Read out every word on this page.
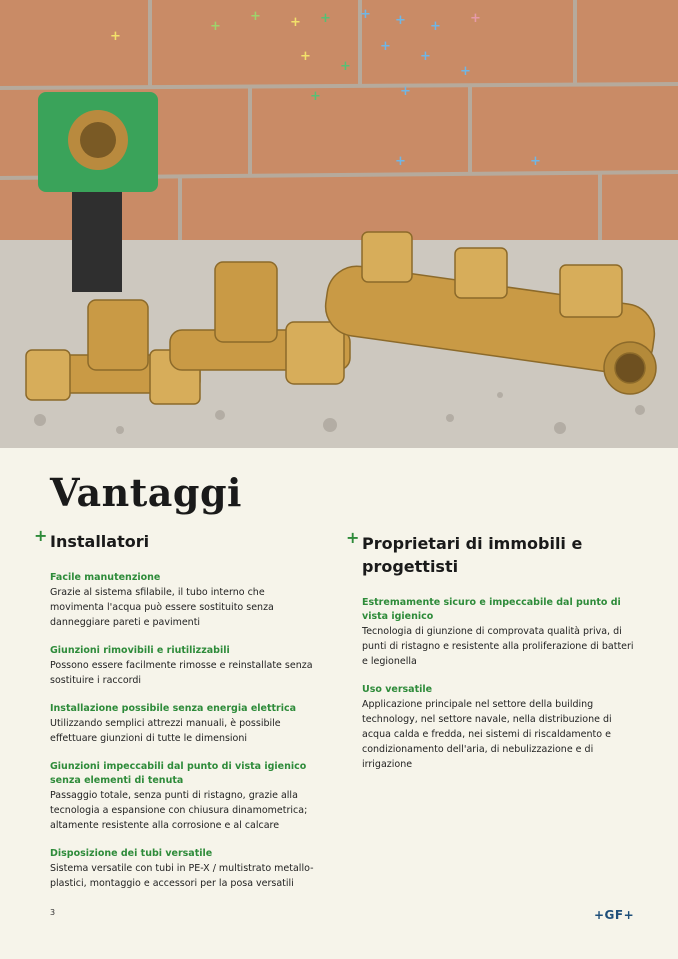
+ + + + + +
+
+
+
+
+
+
+	+
+
+
+
+
Vantaggi
+ Installatori

Facile manutenzione

Grazie al sistema sfilabile, il tubo interno che movimenta l'acqua può essere sostituito senza danneggiare pareti e pavimenti

Giunzioni rimovibili e riutilizzabili

Possono essere facilmente rimosse e reinstallate senza sostituire i raccordi

Installazione possibile senza energia elettrica

Utilizzando semplici attrezzi manuali, è possibile effettuare giunzioni di tutte le dimensioni

Giunzioni impeccabili dal punto di vista igienico senza elementi di tenuta

Passaggio totale, senza punti di ristagno, grazie alla tecnologia a espansione con chiusura dinamometrica; altamente resistente alla corrosione e al calcare

Disposizione dei tubi versatile

Sistema versatile con tubi in PE-X / multistrato metallo-plastici, montaggio e accessori per la posa versatili

+ Proprietari di immobili e progettisti

Estremamente sicuro e impeccabile dal punto di vista igienico

Tecnologia di giunzione di comprovata qualità priva, di punti di ristagno e resistente alla proliferazione di batteri e legionella

Uso versatile

Applicazione principale nel settore della building technology, nel settore navale, nella distribuzione di acqua calda e fredda, nei sistemi di riscaldamento e condizionamento dell'aria, di nebulizzazione e di irrigazione

3	+GF+
